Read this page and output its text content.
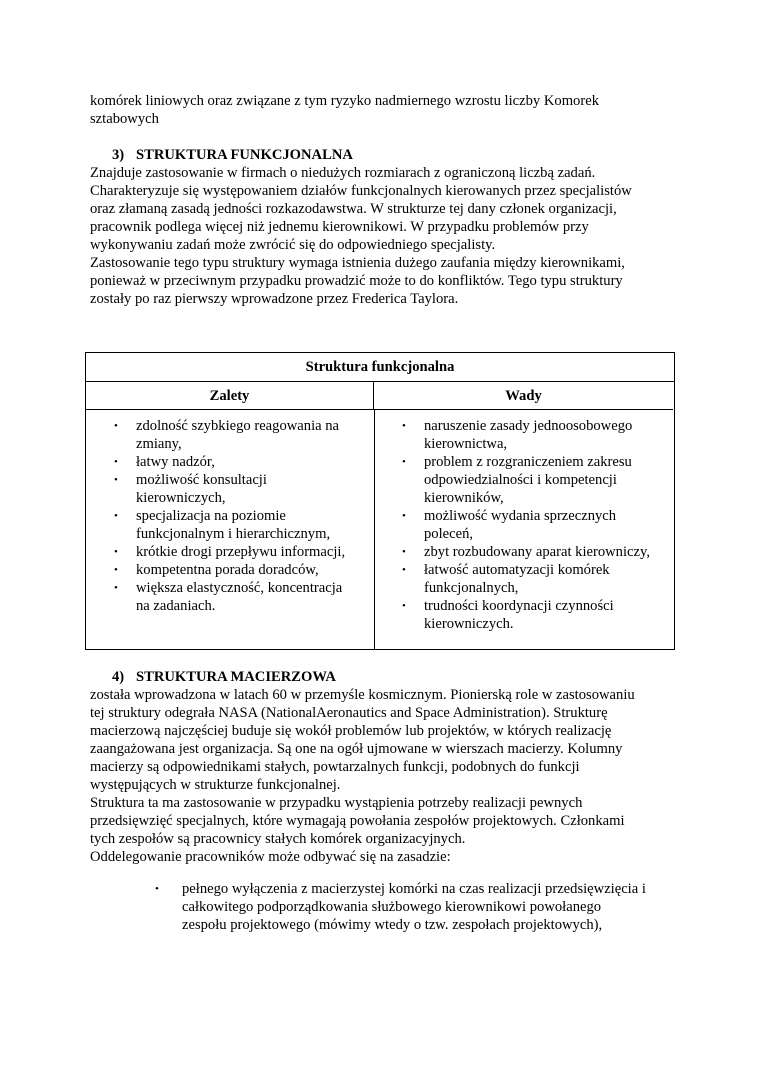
komórek liniowych oraz związane z tym ryzyko nadmiernego wzrostu liczby Komorek
sztabowych
3) STRUKTURA FUNKCJONALNA
Znajduje zastosowanie w firmach o niedużych rozmiarach z ograniczoną liczbą zadań.
Charakteryzuje się występowaniem działów funkcjonalnych kierowanych przez specjalistów
oraz złamaną zasadą jedności rozkazodawstwa. W strukturze tej dany członek organizacji,
pracownik podlega więcej niż jednemu kierownikowi. W przypadku problemów przy
wykonywaniu zadań może zwrócić się do odpowiedniego specjalisty.
Zastosowanie tego typu struktury wymaga istnienia dużego zaufania między kierownikami,
ponieważ w przeciwnym przypadku prowadzić może to do konfliktów. Tego typu struktury
zostały po raz pierwszy wprowadzone przez Frederica Taylora.
Struktura funkcjonalna
Zalety	Wady
• zdolność szybkiego reagowania na
zmiany,
• łatwy nadzór,
• możliwość konsultacji
kierowniczych,
• specjalizacja na poziomie
funkcjonalnym i hierarchicznym,
• krótkie drogi przepływu informacji,
• kompetentna porada doradców,
• większa elastyczność, koncentracja
na zadaniach.
• naruszenie zasady jednoosobowego
kierownictwa,
• problem z rozgraniczeniem zakresu
odpowiedzialności i kompetencji
kierowników,
• możliwość wydania sprzecznych
poleceń,
• zbyt rozbudowany aparat kierowniczy,
• łatwość automatyzacji komórek
funkcjonalnych,
• trudności koordynacji czynności
kierowniczych.
4) STRUKTURA MACIERZOWA
została wprowadzona w latach 60 w przemyśle kosmicznym. Pionierską role w zastosowaniu
tej struktury odegrała NASA (NationalAeronautics and Space Administration). Strukturę
macierzową najczęściej buduje się wokół problemów lub projektów, w których realizację
zaangażowana jest organizacja. Są one na ogół ujmowane w wierszach macierzy. Kolumny
macierzy są odpowiednikami stałych, powtarzalnych funkcji, podobnych do funkcji
występujących w strukturze funkcjonalnej.
Struktura ta ma zastosowanie w przypadku wystąpienia potrzeby realizacji pewnych
przedsięwzięć specjalnych, które wymagają powołania zespołów projektowych. Członkami
tych zespołów są pracownicy stałych komórek organizacyjnych.
Oddelegowanie pracowników może odbywać się na zasadzie:
• pełnego wyłączenia z macierzystej komórki na czas realizacji przedsięwzięcia i
całkowitego podporządkowania służbowego kierownikowi powołanego
zespołu projektowego (mówimy wtedy o tzw. zespołach projektowych),
